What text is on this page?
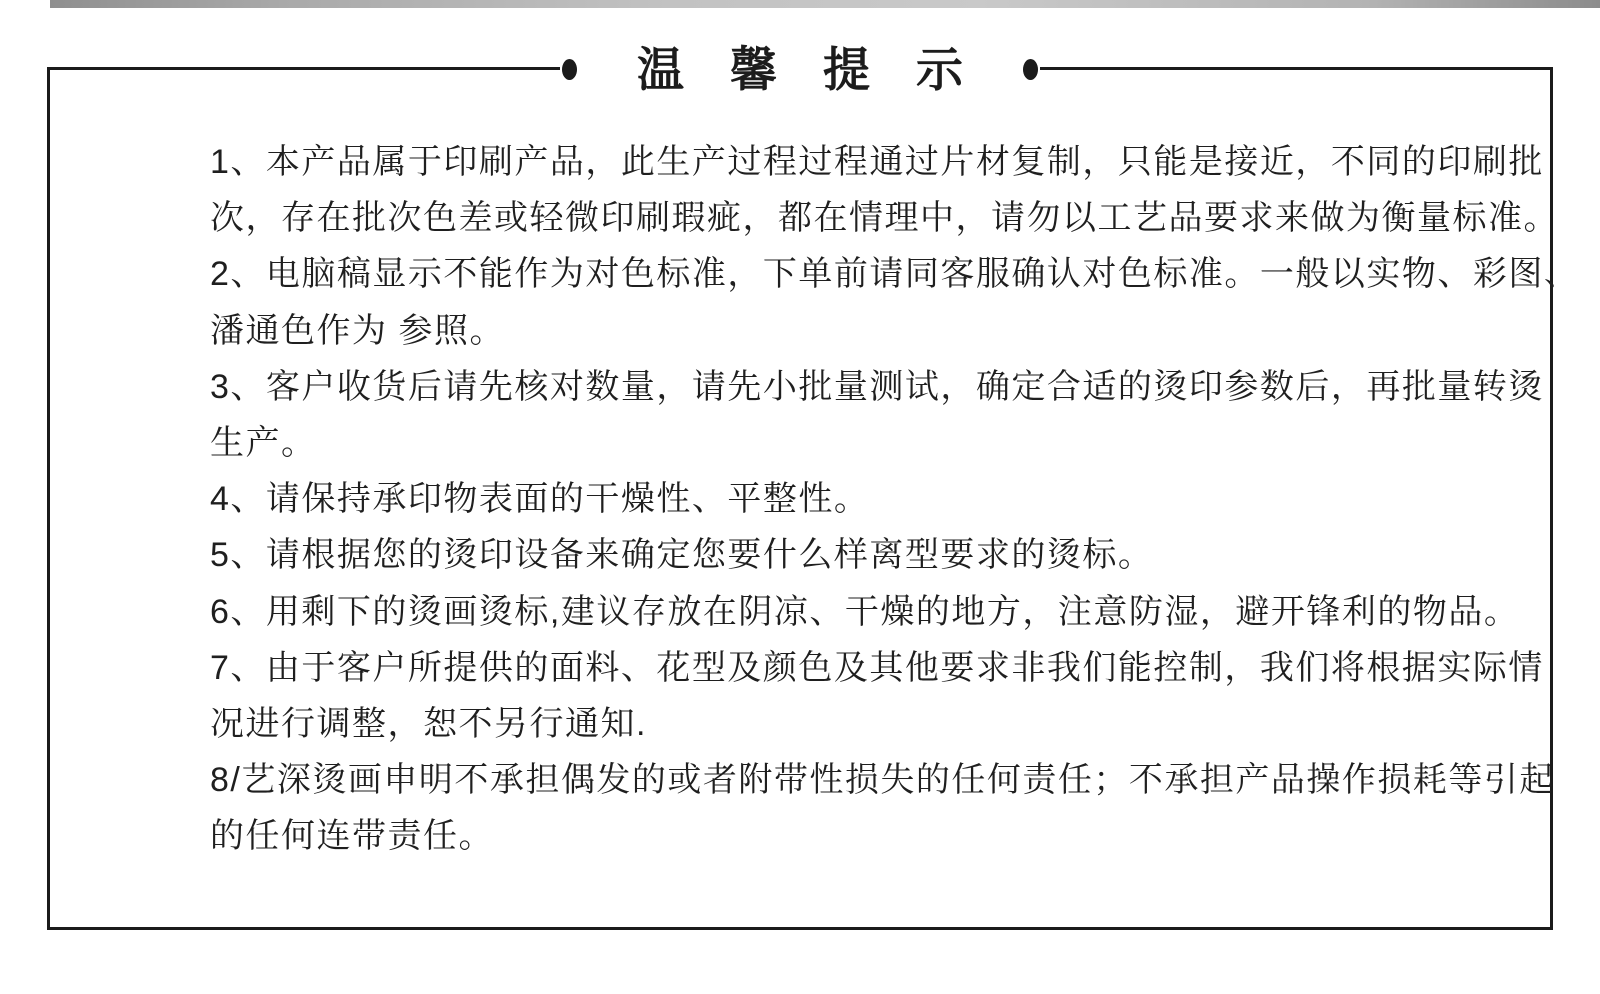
温馨提示

1、本产品属于印刷产品，此生产过程过程通过片材复制，只能是接近，不同的印刷批

次，存在批次色差或轻微印刷瑕疵，都在情理中，请勿以工艺品要求来做为衡量标准。

2、电脑稿显示不能作为对色标准，下单前请同客服确认对色标准。一般以实物、彩图、

潘通色作为 参照。

3、客户收货后请先核对数量，请先小批量测试，确定合适的烫印参数后，再批量转烫

生产。

4、请保持承印物表面的干燥性、平整性。

5、请根据您的烫印设备来确定您要什么样离型要求的烫标。

6、用剩下的烫画烫标,建议存放在阴凉、干燥的地方，注意防湿，避开锋利的物品。

7、由于客户所提供的面料、花型及颜色及其他要求非我们能控制，我们将根据实际情

况进行调整，恕不另行通知.

8/艺深烫画申明不承担偶发的或者附带性损失的任何责任；不承担产品操作损耗等引起

的任何连带责任。
